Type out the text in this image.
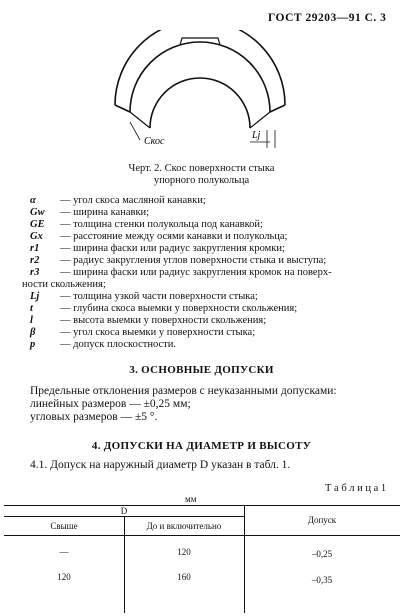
ГОСТ 29203—91 С. 3
Скос
Lj
Черт. 2. Скос поверхности стыка
упорного полукольца
α — угол скоса масляной канавки;
Gw — ширина канавки;
GE — толщина стенки полукольца под канавкой;
Gx — расстояние между осями канавки и полукольца;
r1 — ширина фаски или радиус закругления кромки;
r2 — радиус закругления углов поверхности стыка и выступа;
r3 — ширина фаски или радиус закругления кромок на поверх-
ности скольжения;
Lj — толщина узкой части поверхности стыка;
t	— глубина скоса выемки у поверхности скольжения;
l	— высота выемки у поверхности скольжения;
β — угол скоса выемки у поверхности стыка;
p — допуск плоскостности.
3. ОСНОВНЫЕ ДОПУСКИ
Предельные отклонения размеров с неуказанными допусками:
линейных размеров — ±0,25 мм;
угловых размеров — ±5 °.
4. ДОПУСКИ НА ДИАМЕТР И ВЫСОТУ
4.1. Допуск на наружный диаметр D указан в табл. 1.
Т а б л и ц а 1
мм
D
Свыше	До и включительно
Допуск
—	120	–0,25
120	160	–0,35
